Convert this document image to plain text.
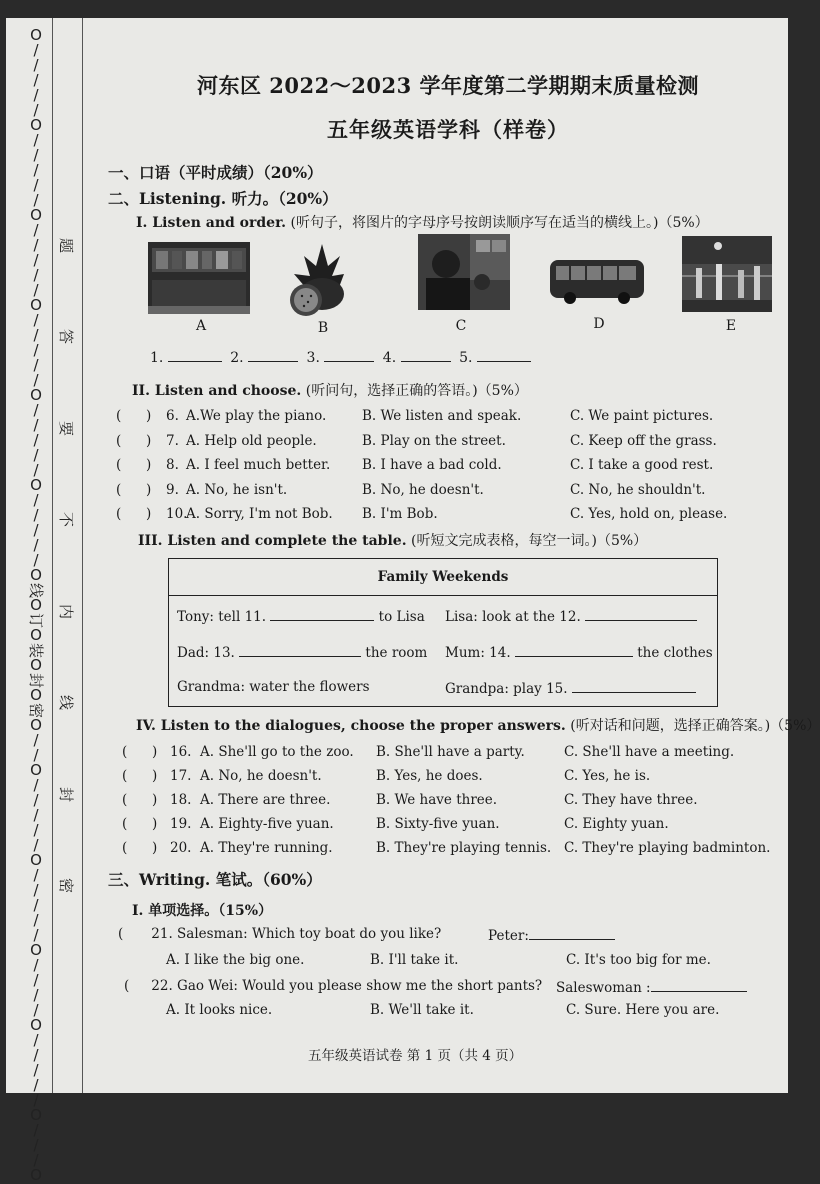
O
/
/
/
/
/
O
/
/
/
/
/
O
/
/
/
/
/
O
/
/
/
/
/
O
/
/
/
/
/
O
/
/
/
/
/
O
线
O
订
O
装
O
封
O
密
O
/
/
O
/
/
/
/
/
O
/
/
/
/
/
O
/
/
/
/
O
/
/
/
/
/
O
/
/
/
O
题
答
要
不
内
线
封
密
河东区 2022～2023 学年度第二学期期末质量检测
五年级英语学科（样卷）
一、口语（平时成绩）（20%）
二、Listening. 听力。（20%）
I. Listen and order. (听句子，将图片的字母序号按朗读顺序写在适当的横线上。)（5%）
A	B	C	D	E
1.	2.	3.	4.	5.
II. Listen and choose. (听问句，选择正确的答语。)（5%）
( ) 6. A.We play the piano.	B. We listen and speak.	C. We paint pictures.
( ) 7. A. Help old people.	B. Play on the street.	C. Keep off the grass.
( ) 8. A. I feel much better. B. I have a bad cold.	C. I take a good rest.
( ) 9. A. No, he isn't.	B. No, he doesn't.	C. No, he shouldn't.
( ) 10.
A. Sorry, I'm not Bob. B. I'm Bob.	C. Yes, hold on, please.
III. Listen and complete the table. (听短文完成表格，每空一词。)（5%）
Family Weekends
Tony: tell 11.	to Lisa Lisa: look at the 12.
Dad: 13.	the room Mum: 14.	the clothes
Grandma: water the flowers	Grandpa: play 15.
IV. Listen to the dialogues, choose the proper answers. (听对话和问题，选择正确答案。)（5%）
( ) 16. A. She'll go to the zoo. B. She'll have a party.	C. She'll have a meeting.
( ) 17. A. No, he doesn't.	B. Yes, he does.	C. Yes, he is.
( ) 18. A. There are three.	B. We have three.	C. They have three.
( ) 19. A. Eighty-five yuan.	B. Sixty-five yuan.	C. Eighty yuan.
( ) 20. A. They're running.	B. They're playing tennis. C. They're playing badminton.
三、Writing. 笔试。（60%）
I. 单项选择。（15%）
( 21. Salesman: Which toy boat do you like?	Peter:
A. I like the big one.	B. I'll take it.	C. It's too big for me.
( 22. Gao Wei: Would you please show me the short pants? Saleswoman :
A. It looks nice.	B. We'll take it.	C. Sure. Here you are.
五年级英语试卷 第 1 页（共 4 页）
